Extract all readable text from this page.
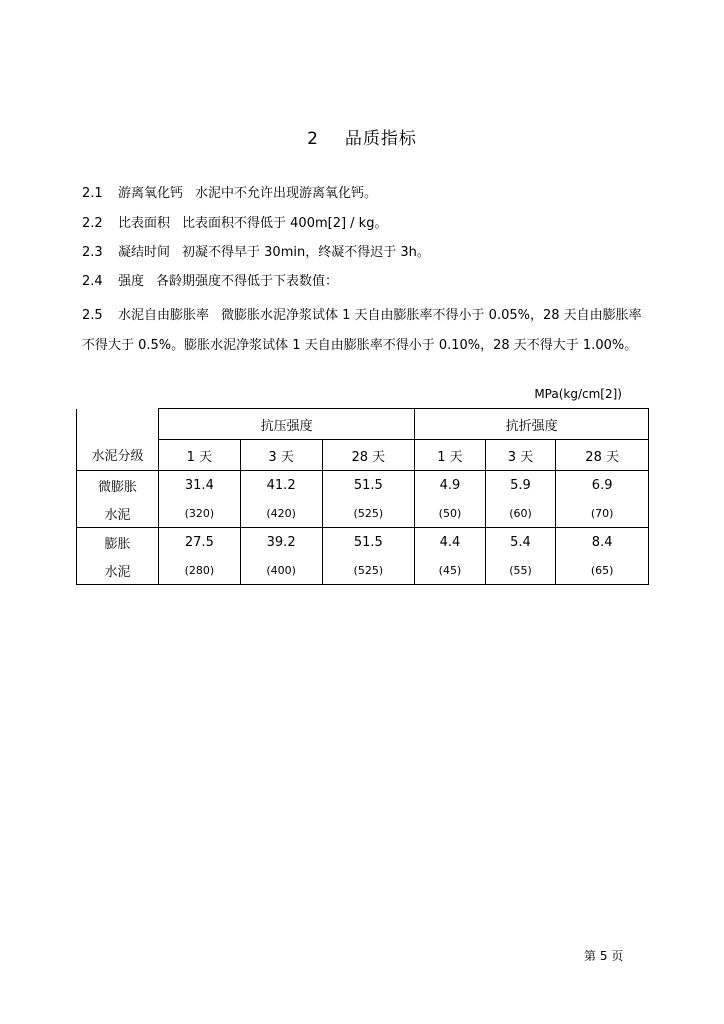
2 品质指标
2.1 游离氧化钙 水泥中不允许出现游离氧化钙。
2.2 比表面积 比表面积不得低于 400m[2] / kg。
2.3 凝结时间 初凝不得早于 30min，终凝不得迟于 3h。
2.4 强度 各龄期强度不得低于下表数值：
2.5 水泥自由膨胀率 微膨胀水泥净浆试体 1 天自由膨胀率不得小于 0.05%，28 天自由膨胀率不得大于 0.5%。膨胀水泥净浆试体 1 天自由膨胀率不得小于 0.10%，28 天不得大于 1.00%。
MPa(kg/cm[2])
	抗压强度			抗折强度		
水泥分级	1 天	3 天	28 天	1 天	3 天	28 天
微膨胀	31.4	41.2	51.5	4.9	5.9	6.9
水泥	(320)	(420)	(525)	(50)	(60)	(70)
膨胀	27.5	39.2	51.5	4.4	5.4	8.4
水泥	(280)	(400)	(525)	(45)	(55)	(65)
第 5 页
